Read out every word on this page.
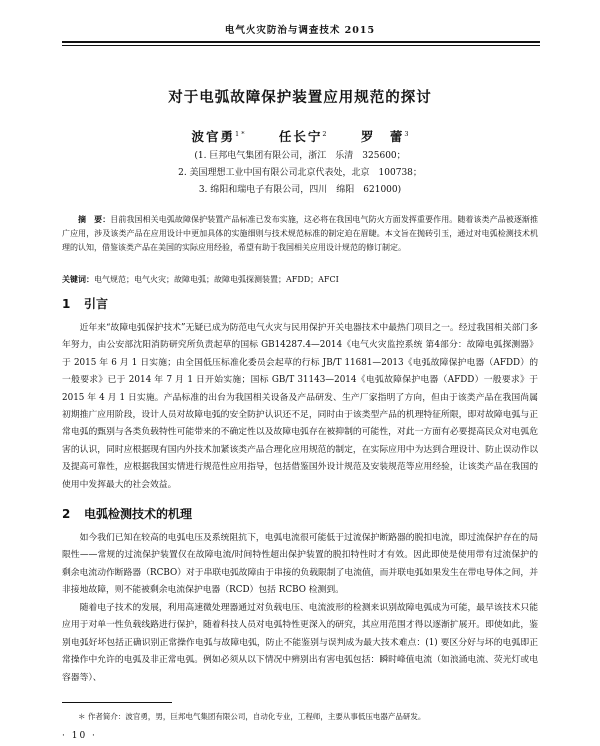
电气火灾防治与调查技术 2015
对于电弧故障保护装置应用规范的探讨
波官勇$^{1 *}$	任长宁$^2$	罗　蕾$^3$
(1. 巨邦电气集团有限公司，浙江　乐清　325600；
2. 美国理想工业中国有限公司北京代表处，北京　100738；
3. 绵阳和瑞电子有限公司，四川　绵阳　621000)
摘　要：目前我国相关电弧故障保护装置产品标准已发布实施，这必将在我国电气防火方面发挥重要作用。随着该类产品被逐渐推广应用，涉及该类产品在应用设计中更加具体的实施细则与技术规范标准的制定迫在眉睫。本文旨在抛砖引玉，通过对电弧检测技术机理的认知，借鉴该类产品在美国的实际应用经验，希望有助于我国相关应用设计规范的修订制定。
关键词：电气规范；电气火灾；故障电弧；故障电弧探测装置；AFDD；AFCI
1 引言
近年来“故障电弧保护技术”无疑已成为防范电气火灾与民用保护开关电器技术中最热门项目之一。经过我国相关部门多年努力，由公安部沈阳消防研究所负责起草的国标 GB14287.4—2014《电气火灾监控系统 第4部分：故障电弧探测器》于 2015 年 6 月 1 日实施；由全国低压标准化委员会起草的行标 JB/T 11681—2013《电弧故障保护电器（AFDD）的一般要求》已于 2014 年 7 月 1 日开始实施；国标 GB/T 31143—2014《电弧故障保护电器（AFDD）一般要求》于 2015 年 4 月 1 日实施。产品标准的出台为我国相关设备及产品研发、生产厂家指明了方向，但由于该类产品在我国尚属初期推广应用阶段，设计人员对故障电弧的安全防护认识还不足，同时由于该类型产品的机理特征所限，即对故障电弧与正常电弧的甄别与各类负载特性可能带来的不确定性以及故障电弧存在被抑制的可能性，对此一方面有必要提高民众对电弧危害的认识，同时应根据现有国内外技术加紧该类产品合理化应用规范的制定，在实际应用中为达到合理设计、防止误动作以及提高可靠性，应根据我国实情进行规范性应用指导，包括借鉴国外设计规范及安装规范等应用经验，让该类产品在我国的使用中发挥最大的社会效益。
2 电弧检测技术的机理
如今我们已知在较高的电弧电压及系统阻抗下，电弧电流很可能低于过流保护断路器的脱扣电流，即过流保护存在的局限性——常规的过流保护装置仅在故障电流/时间特性超出保护装置的脱扣特性时才有效。因此即使是使用带有过流保护的剩余电流动作断路器（RCBO）对于串联电弧故障由于串接的负载限制了电流值，而并联电弧如果发生在带电导体之间，并非接地故障，则不能被剩余电流保护电器（RCD）包括 RCBO 检测到。
随着电子技术的发展，利用高速微处理器通过对负载电压、电流波形的检测来识别故障电弧成为可能，最早该技术只能应用于对单一性负载线路进行保护，随着科技人员对电弧特性更深入的研究，其应用范围才得以逐渐扩展开。即使如此，鉴别电弧好坏包括正确识别正常操作电弧与故障电弧，防止不能鉴别与误判成为最大技术难点：(1) 要区分好与坏的电弧即正常操作中允许的电弧及非正常电弧。例如必须从以下情况中辨别出有害电弧包括：瞬时峰值电流（如浪涌电流、荧光灯或电容器等）、
＊ 作者简介：波官勇，男，巨邦电气集团有限公司，自动化专业，工程师，主要从事低压电器产品研发。
· 10 ·
